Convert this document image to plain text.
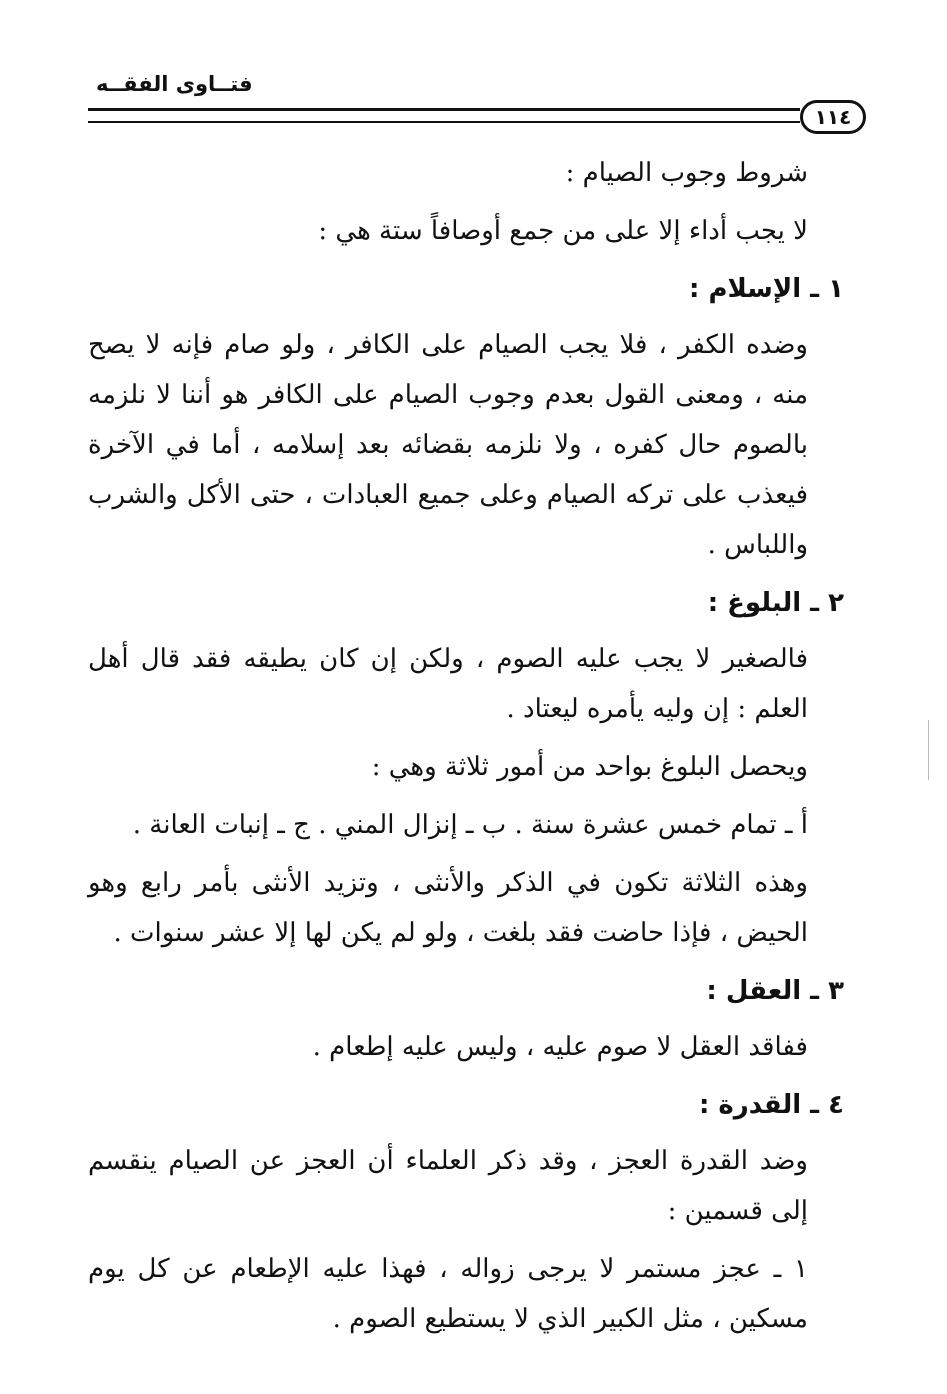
فتــاوى الفقــه
١١٤

شروط وجوب الصيام :

لا يجب أداء إلا على من جمع أوصافاً ستة هي :

١ ـ الإسلام :

وضده الكفر ، فلا يجب الصيام على الكافر ، ولو صام فإنه لا يصح منه ، ومعنى القول بعدم وجوب الصيام على الكافر هو أننا لا نلزمه بالصوم حال كفره ، ولا نلزمه بقضائه بعد إسلامه ، أما في الآخرة فيعذب على تركه الصيام وعلى جميع العبادات ، حتى الأكل والشرب واللباس .

٢ ـ البلوغ :

فالصغير لا يجب عليه الصوم ، ولكن إن كان يطيقه فقد قال أهل العلم : إن وليه يأمره ليعتاد .

ويحصل البلوغ بواحد من أمور ثلاثة وهي :

أ ـ تمام خمس عشرة سنة . ب ـ إنزال المني . ج ـ إنبات العانة .

وهذه الثلاثة تكون في الذكر والأنثى ، وتزيد الأنثى بأمر رابع وهو الحيض ، فإذا حاضت فقد بلغت ، ولو لم يكن لها إلا عشر سنوات .

٣ ـ العقل :

ففاقد العقل لا صوم عليه ، وليس عليه إطعام .

٤ ـ القدرة :

وضد القدرة العجز ، وقد ذكر العلماء أن العجز عن الصيام ينقسم إلى قسمين :

١ ـ عجز مستمر لا يرجى زواله ، فهذا عليه الإطعام عن كل يوم مسكين ، مثل الكبير الذي لا يستطيع الصوم .
